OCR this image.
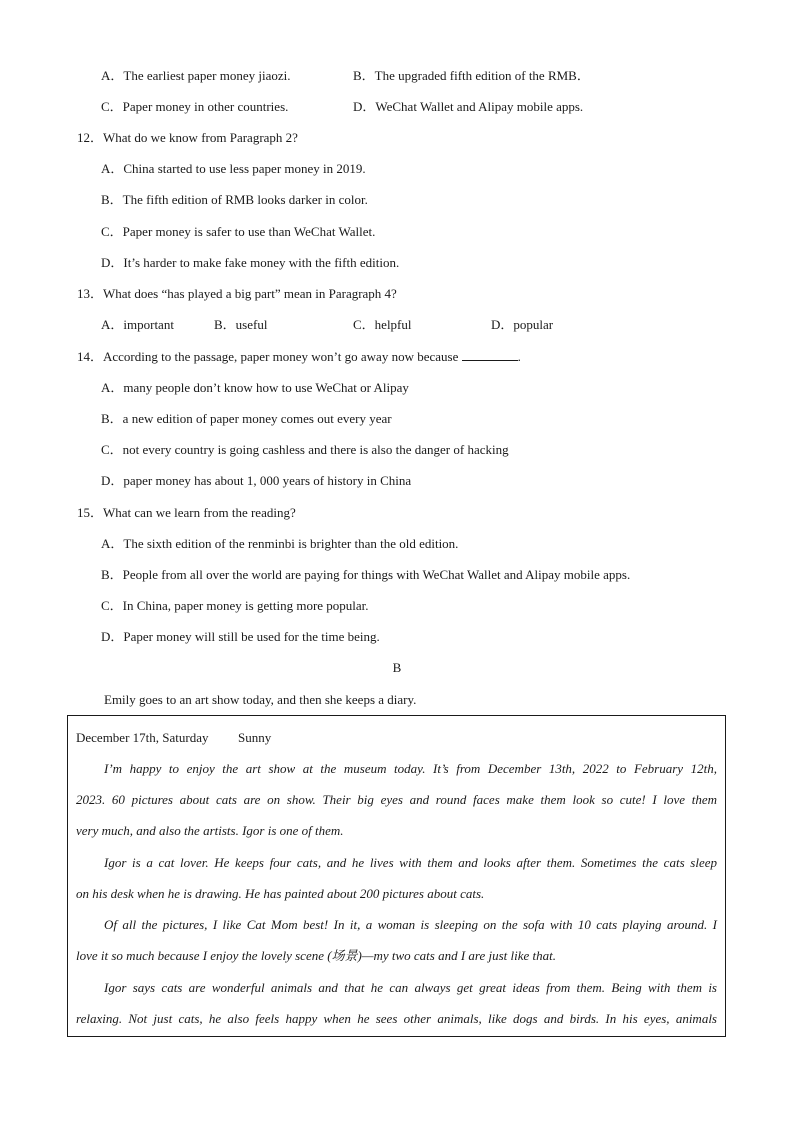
A．The earliest paper money jiaozi.	B．The upgraded fifth edition of the RMB．
C．Paper money in other countries.	D．WeChat Wallet and Alipay mobile apps.
12．What do we know from Paragraph 2?
A．China started to use less paper money in 2019.
B．The fifth edition of RMB looks darker in color.
C．Paper money is safer to use than WeChat Wallet.
D．It’s harder to make fake money with the fifth edition.
13．What does “has played a big part” mean in Paragraph 4?
A．important	B．useful	C．helpful	D．popular
14．According to the passage, paper money won’t go away now because	.
A．many people don’t know how to use WeChat or Alipay
B．a new edition of paper money comes out every year
C．not every country is going cashless and there is also the danger of hacking
D．paper money has about 1, 000 years of history in China
15．What can we learn from the reading?
A．The sixth edition of the renminbi is brighter than the old edition.
B．People from all over the world are paying for things with WeChat Wallet and Alipay mobile apps.
C．In China, paper money is getting more popular.
D．Paper money will still be used for the time being.
B
Emily goes to an art show today, and then she keeps a diary.
December 17th, Saturday Sunny
I’m happy to enjoy the art show at the museum today. It’s from December 13th, 2022 to February 12th,
2023. 60 pictures about cats are on show. Their big eyes and round faces make them look so cute! I love them
very much, and also the artists. Igor is one of them.
Igor is a cat lover. He keeps four cats, and he lives with them and looks after them. Sometimes the cats sleep
on his desk when he is drawing. He has painted about 200 pictures about cats.
Of all the pictures, I like Cat Mom best! In it, a woman is sleeping on the sofa with 10 cats playing around. I
love it so much because I enjoy the lovely scene (场景)—my two cats and I are just like that.
Igor says cats are wonderful animals and that he can always get great ideas from them. Being with them is
relaxing. Not just cats, he also feels happy when he sees other animals, like dogs and birds. In his eyes, animals
